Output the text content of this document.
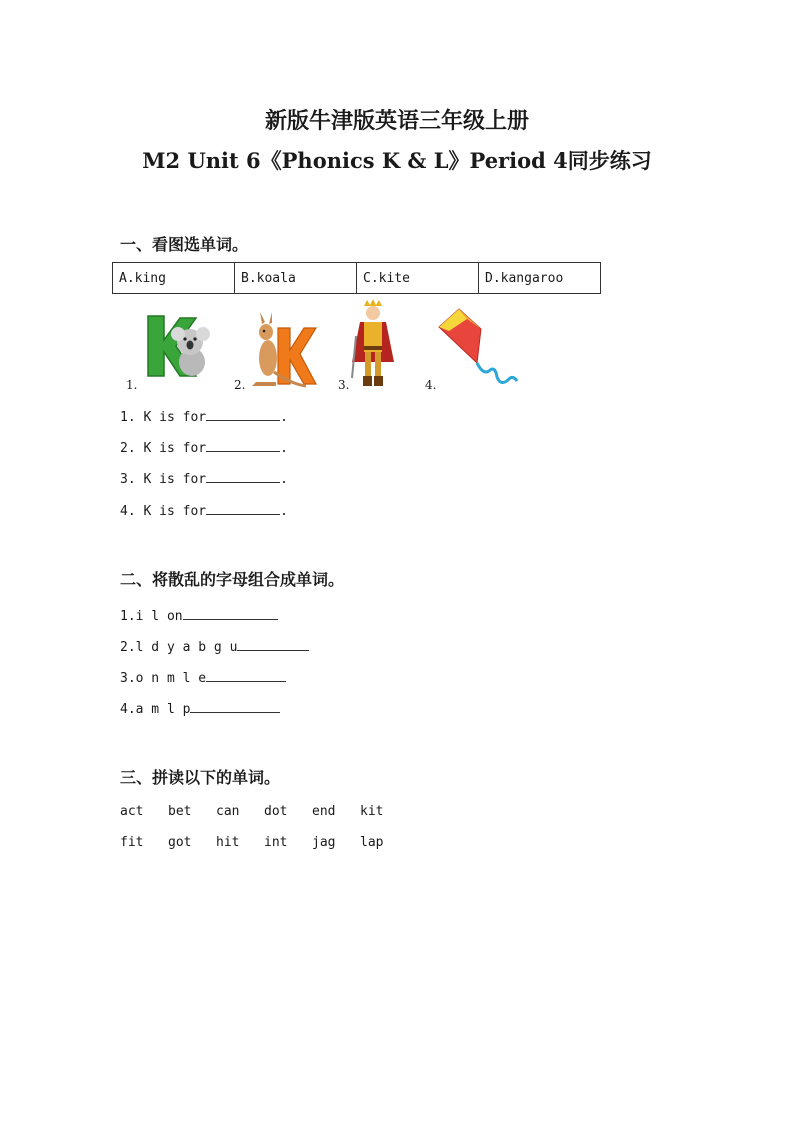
新版牛津版英语三年级上册
M2 Unit 6《Phonics K & L》Period 4同步练习
一、看图选单词。
A.king	B.koala	C.kite	D.kangaroo
1.	2.	3.	4.
1. K is for	.
2. K is for	.
3. K is for	.
4. K is for	.
二、将散乱的字母组合成单词。
1.i l on
2.l d y a b g u
3.o n m l e
4.a m l p
三、拼读以下的单词。
act	bet	can	dot	end	kit
fit	got	hit	int	jag	lap
